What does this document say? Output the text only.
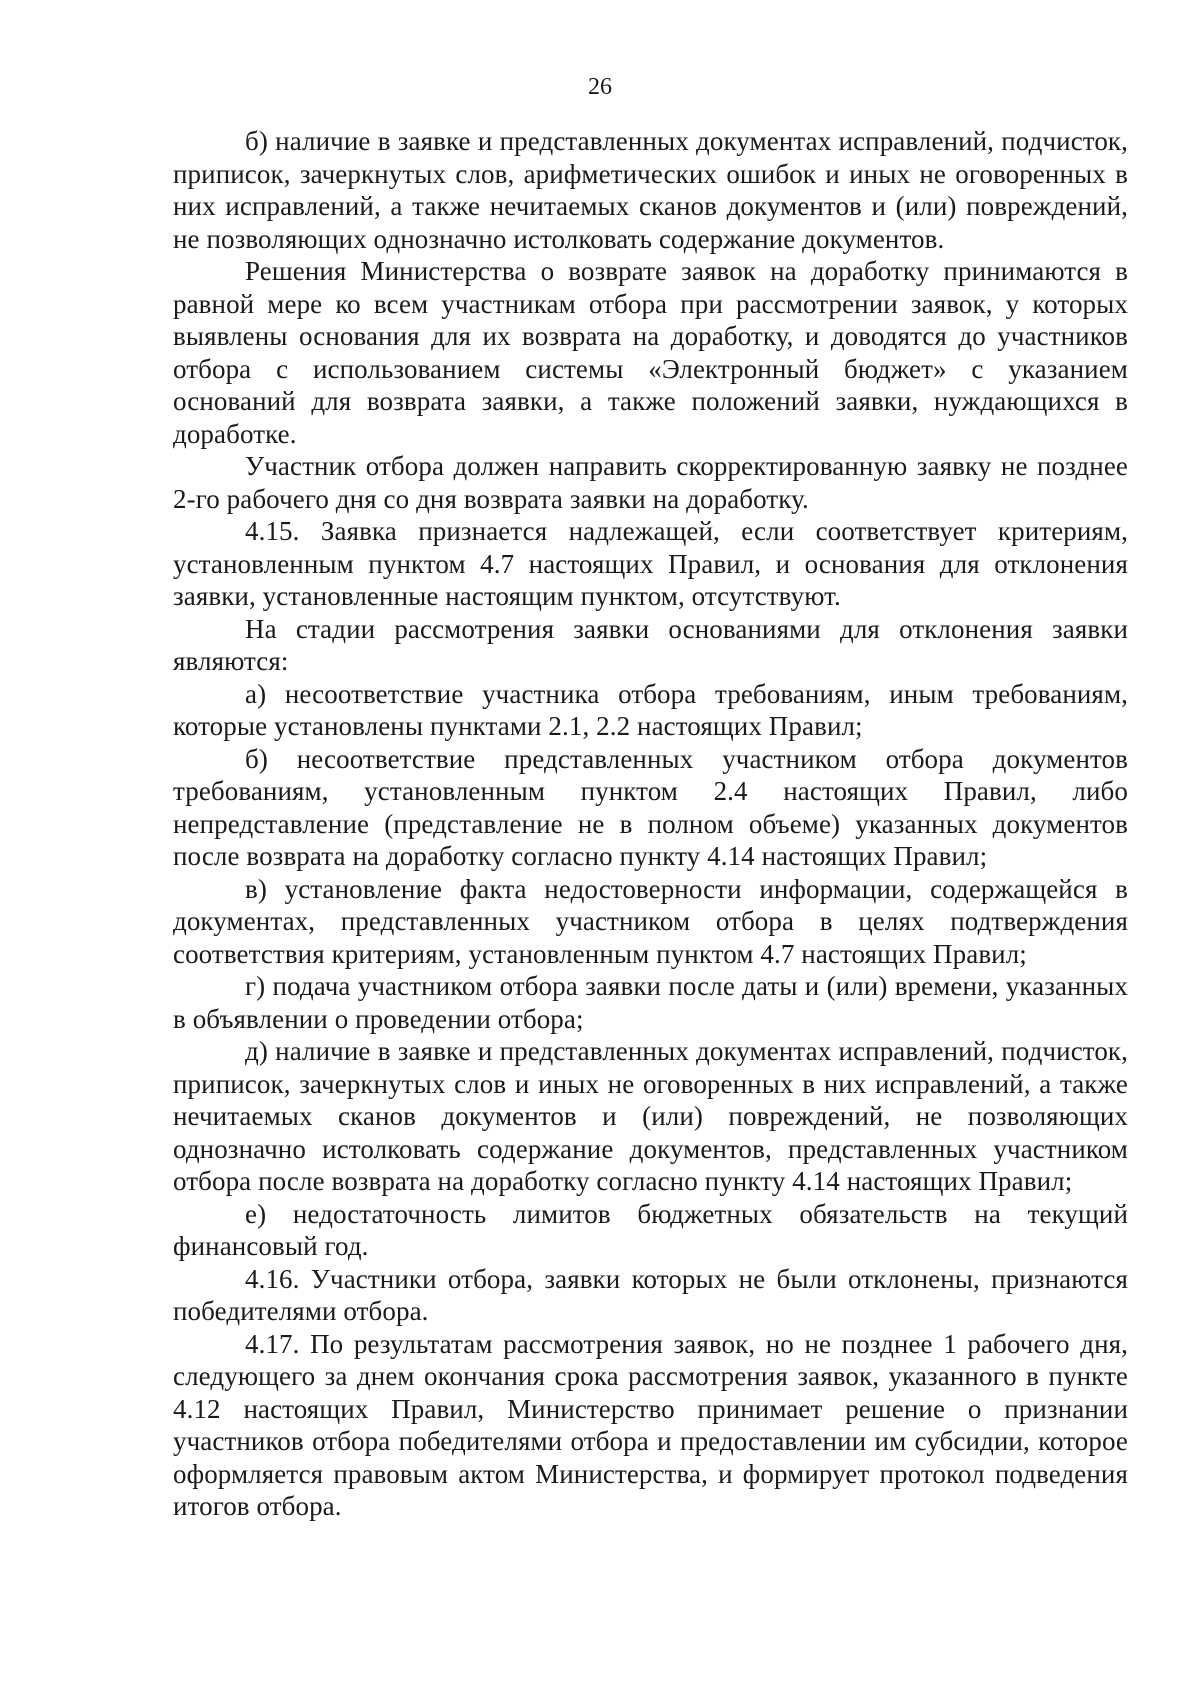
26

б) наличие в заявке и представленных документах исправлений, подчисток, приписок, зачеркнутых слов, арифметических ошибок и иных не оговоренных в них исправлений, а также нечитаемых сканов документов и (или) повреждений, не позволяющих однозначно истолковать содержание документов.

Решения Министерства о возврате заявок на доработку принимаются в равной мере ко всем участникам отбора при рассмотрении заявок, у которых выявлены основания для их возврата на доработку, и доводятся до участников отбора с использованием системы «Электронный бюджет» с указанием оснований для возврата заявки, а также положений заявки, нуждающихся в доработке.

Участник отбора должен направить скорректированную заявку не позднее 2-го рабочего дня со дня возврата заявки на доработку.

4.15. Заявка признается надлежащей, если соответствует критериям, установленным пунктом 4.7 настоящих Правил, и основания для отклонения заявки, установленные настоящим пунктом, отсутствуют.

На стадии рассмотрения заявки основаниями для отклонения заявки являются:

а) несоответствие участника отбора требованиям, иным требованиям, которые установлены пунктами 2.1, 2.2 настоящих Правил;

б) несоответствие представленных участником отбора документов требованиям, установленным пунктом 2.4 настоящих Правил, либо непредставление (представление не в полном объеме) указанных документов после возврата на доработку согласно пункту 4.14 настоящих Правил;

в) установление факта недостоверности информации, содержащейся в документах, представленных участником отбора в целях подтверждения соответствия критериям, установленным пунктом 4.7 настоящих Правил;

г) подача участником отбора заявки после даты и (или) времени, указанных в объявлении о проведении отбора;

д) наличие в заявке и представленных документах исправлений, подчисток, приписок, зачеркнутых слов и иных не оговоренных в них исправлений, а также нечитаемых сканов документов и (или) повреждений, не позволяющих однозначно истолковать содержание документов, представленных участником отбора после возврата на доработку согласно пункту 4.14 настоящих Правил;

е) недостаточность лимитов бюджетных обязательств на текущий финансовый год.

4.16. Участники отбора, заявки которых не были отклонены, признаются победителями отбора.

4.17. По результатам рассмотрения заявок, но не позднее 1 рабочего дня, следующего за днем окончания срока рассмотрения заявок, указанного в пункте 4.12 настоящих Правил, Министерство принимает решение о признании участников отбора победителями отбора и предоставлении им субсидии, которое оформляется правовым актом Министерства, и формирует протокол подведения итогов отбора.
